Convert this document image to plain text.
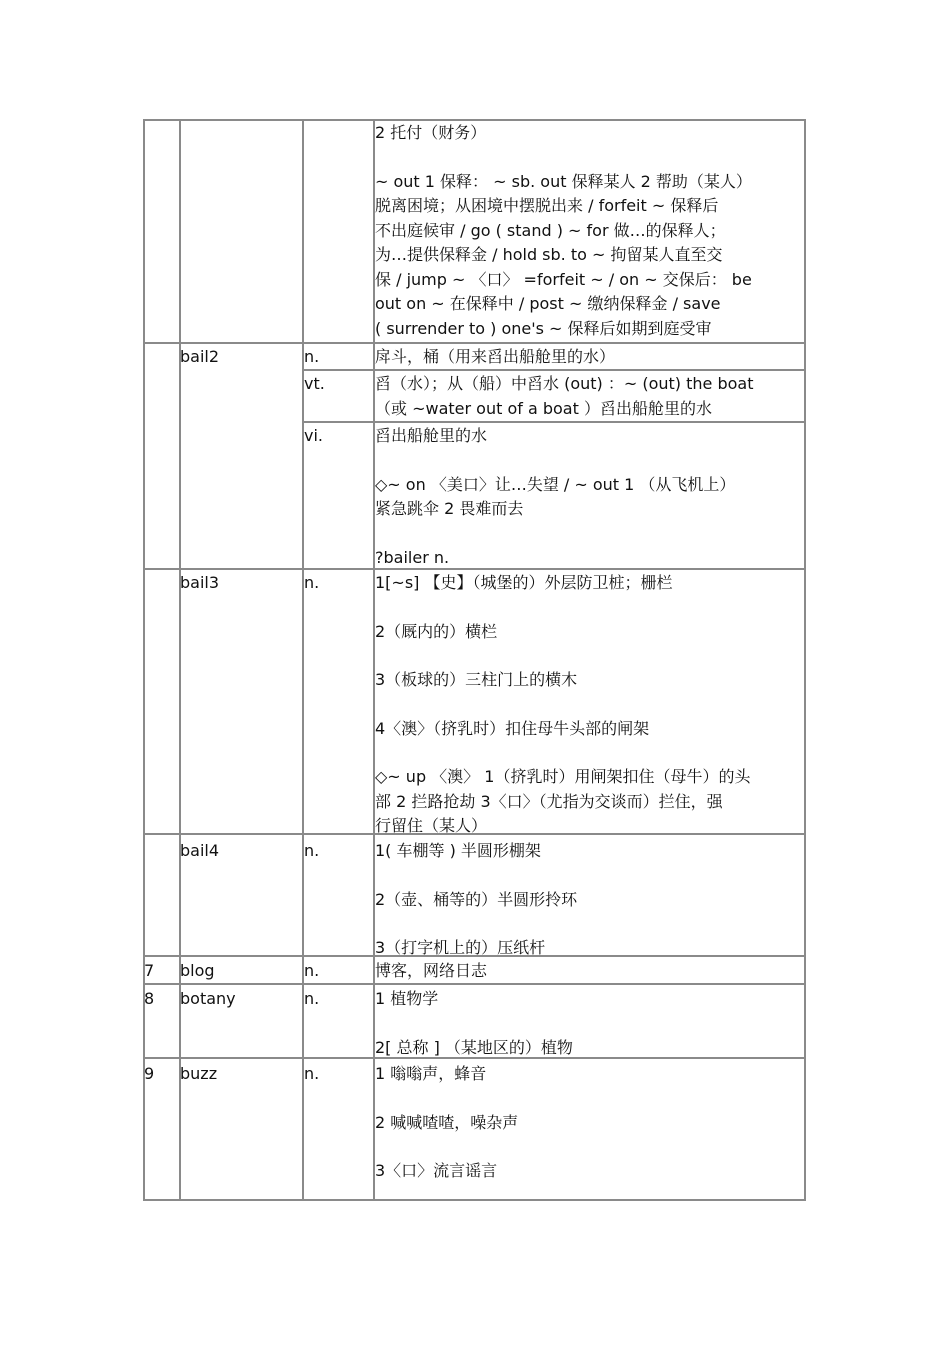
2 托付（财务）

~ out 1 保释： ~ sb. out 保释某人 2 帮助（某人）

脱离困境；从困境中摆脱出来 / forfeit ~ 保释后

不出庭候审 / go ( stand ) ~ for 做…的保释人；

为…提供保释金 / hold sb. to ~ 拘留某人直至交

保 / jump ~ 〈口〉 =forfeit ~ / on ~ 交保后： be

out on ~ 在保释中 / post ~ 缴纳保释金 / save

( surrender to ) one's ~ 保释后如期到庭受审

bail2	n.	戽斗，桶（用来舀出船舱里的水）

vt.	舀（水）；从（船）中舀水 (out) ：~ (out) the boat

（或 ~water out of a boat ）舀出船舱里的水

vi.	舀出船舱里的水

◇~ on 〈美口〉让…失望 / ~ out 1 （从飞机上）

紧急跳伞 2 畏难而去

?bailer n.

bail3	n.	1[~s] 【史】（城堡的）外层防卫桩；栅栏

2（厩内的）横栏

3（板球的）三柱门上的横木

4〈澳〉（挤乳时）扣住母牛头部的闸架

◇~ up 〈澳〉 1（挤乳时）用闸架扣住（母牛）的头

部 2 拦路抢劫 3〈口〉（尤指为交谈而）拦住，强

行留住（某人）

bail4	n.	1( 车棚等 ) 半圆形棚架

2（壶、桶等的）半圆形拎环

3（打字机上的）压纸杆

7 blog	n.	博客，网络日志

8 botany	n.	1 植物学

2[ 总称 ] （某地区的）植物

9 buzz	n.	1 嗡嗡声，蜂音

2 喊喊喳喳，噪杂声

3〈口〉流言谣言
